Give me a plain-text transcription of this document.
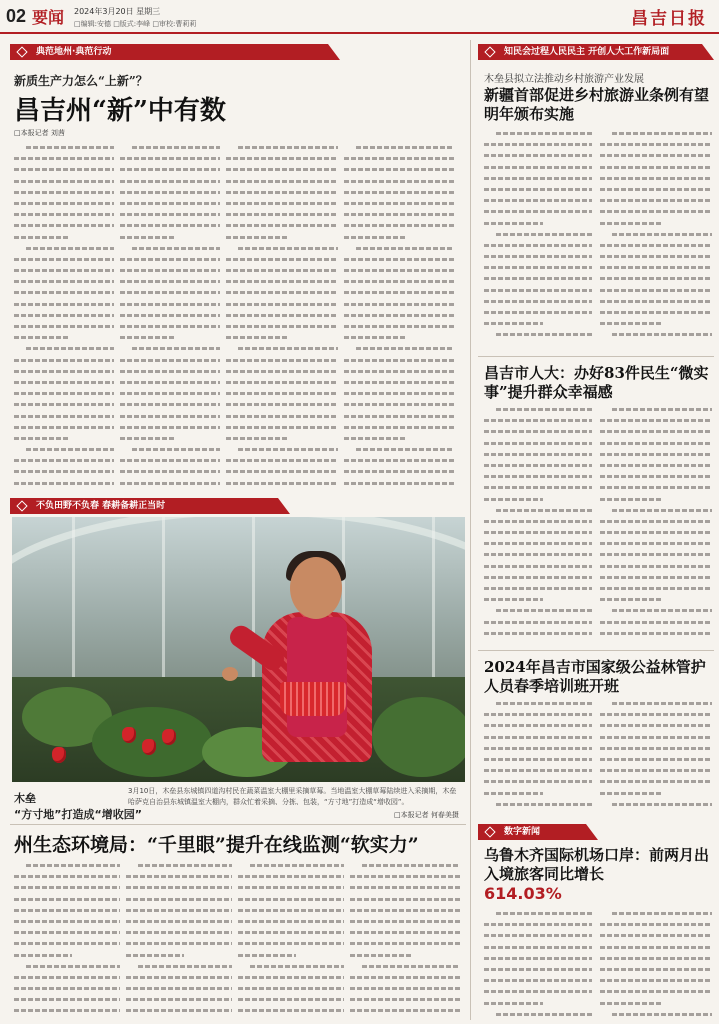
02 要闻 2024年3月20日 星期三
□编辑:安德 □版式:李峰 □审校:曹莉莉	昌吉日报
典范地州·典范行动
新质生产力怎么“上新”？
昌吉州“新”中有数
□本报记者 刘茜
不负田野不负春 春耕备耕正当时
木垒
“方寸地”打造成“增收园”
3月10日，木垒县东城镇四道沟村民在蔬菜温室大棚里采摘草莓。当地温室大棚草莓陆续进入采摘期，木垒哈萨克自治县东城镇温室大棚内，群众忙着采摘、分拣、包装，“方寸地”打造成“增收园”。
□本报记者 何春美摄
州生态环境局：“千里眼”提升在线监测“软实力”
知民会过程人民民主 开创人大工作新局面
木垒县拟立法推动乡村旅游产业发展
新疆首部促进乡村旅游业条例有望明年颁布实施
昌吉市人大：办好83件民生“微实事”提升群众幸福感
2024年昌吉市国家级公益林管护人员春季培训班开班
数字新闻
乌鲁木齐国际机场口岸：前两月出入境旅客同比增长
614.03%
